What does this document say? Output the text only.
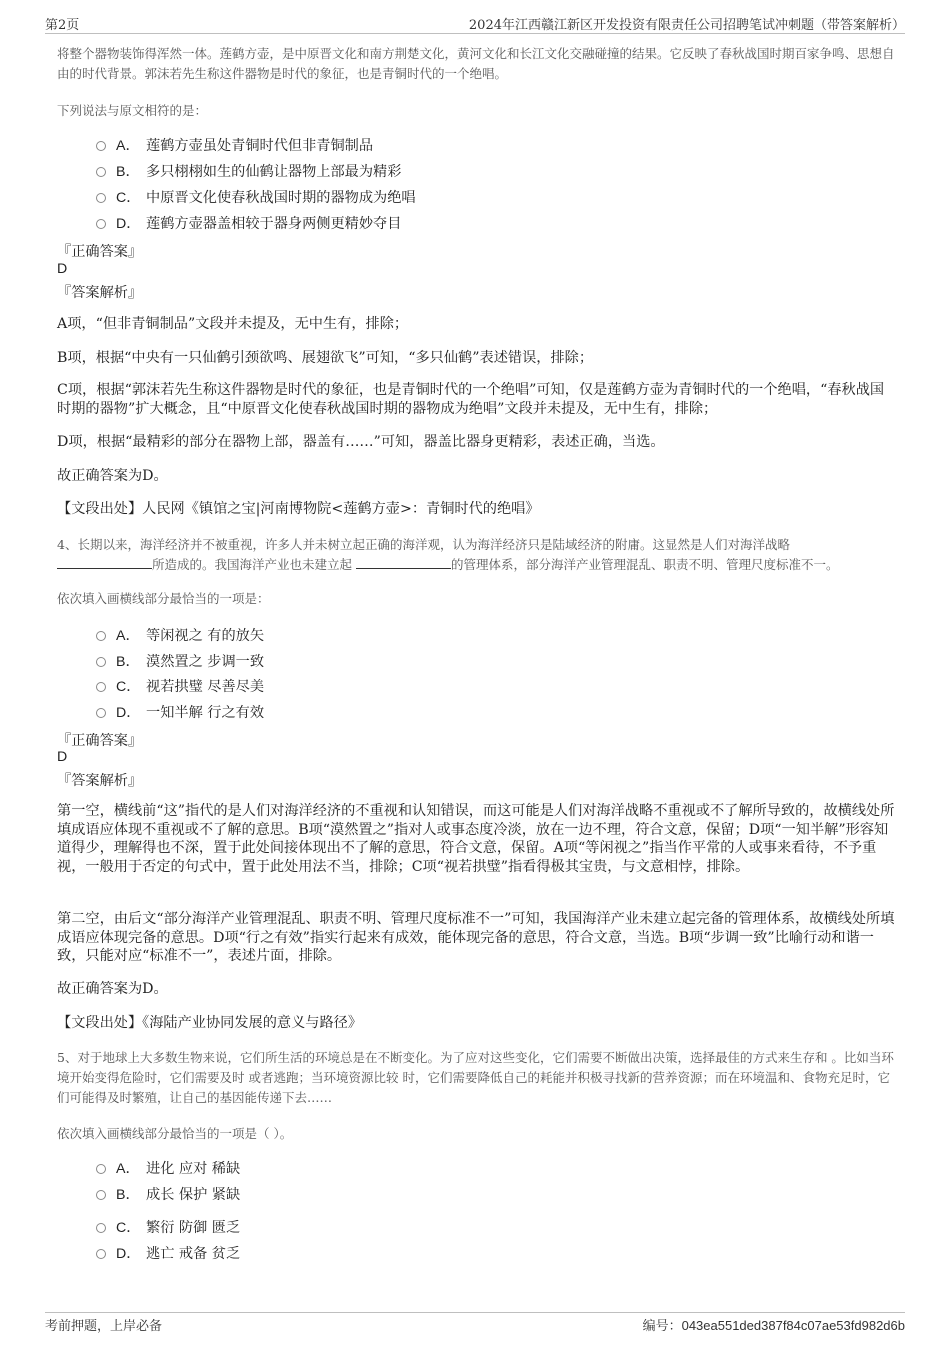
第2页	2024年江西赣江新区开发投资有限责任公司招聘笔试冲刺题（带答案解析）
将整个器物装饰得浑然一体。莲鹤方壶，是中原晋文化和南方荆楚文化，黄河文化和长江文化交融碰撞的结果。它反映了春秋战国时期百家争鸣、思想自由的时代背景。郭沫若先生称这件器物是时代的象征，也是青铜时代的一个绝唱。
下列说法与原文相符的是：
A． 莲鹤方壶虽处青铜时代但非青铜制品
B． 多只栩栩如生的仙鹤让器物上部最为精彩
C． 中原晋文化使春秋战国时期的器物成为绝唱
D． 莲鹤方壶器盖相较于器身两侧更精妙夺目
『正确答案』
D
『答案解析』
A项，“但非青铜制品”文段并未提及，无中生有，排除；
B项，根据“中央有一只仙鹤引颈欲鸣、展翅欲飞”可知，“多只仙鹤”表述错误，排除；
C项，根据“郭沫若先生称这件器物是时代的象征，也是青铜时代的一个绝唱”可知，仅是莲鹤方壶为青铜时代的一个绝唱，“春秋战国时期的器物”扩大概念，且“中原晋文化使春秋战国时期的器物成为绝唱”文段并未提及，无中生有，排除；
D项，根据“最精彩的部分在器物上部，器盖有……”可知，器盖比器身更精彩，表述正确，当选。
故正确答案为D。
【文段出处】人民网《镇馆之宝|河南博物院<莲鹤方壶>：青铜时代的绝唱》
4、长期以来，海洋经济并不被重视，许多人并未树立起正确的海洋观，认为海洋经济只是陆域经济的附庸。这显然是人们对海洋战略
所造成的。我国海洋产业也未建立起	的管理体系，部分海洋产业管理混乱、职责不明、管理尺度标准不一。
依次填入画横线部分最恰当的一项是：
A． 等闲视之 有的放矢
B． 漠然置之 步调一致
C． 视若拱璧 尽善尽美
D． 一知半解 行之有效
『正确答案』
D
『答案解析』
第一空，横线前“这”指代的是人们对海洋经济的不重视和认知错误，而这可能是人们对海洋战略不重视或不了解所导致的，故横线处所填成语应体现不重视或不了解的意思。B项“漠然置之”指对人或事态度冷淡，放在一边不理，符合文意，保留；D项“一知半解”形容知道得少，理解得也不深，置于此处间接体现出不了解的意思，符合文意，保留。A项“等闲视之”指当作平常的人或事来看待，不予重视，一般用于否定的句式中，置于此处用法不当，排除；C项“视若拱璧”指看得极其宝贵，与文意相悖，排除。
第二空，由后文“部分海洋产业管理混乱、职责不明、管理尺度标准不一”可知，我国海洋产业未建立起完备的管理体系，故横线处所填成语应体现完备的意思。D项“行之有效”指实行起来有成效，能体现完备的意思，符合文意，当选。B项“步调一致”比喻行动和谐一致，只能对应“标准不一”，表述片面，排除。
故正确答案为D。
【文段出处】《海陆产业协同发展的意义与路径》
5、对于地球上大多数生物来说，它们所生活的环境总是在不断变化。为了应对这些变化，它们需要不断做出决策，选择最佳的方式来生存和 。比如当环境开始变得危险时，它们需要及时 或者逃跑；当环境资源比较 时，它们需要降低自己的耗能并积极寻找新的营养资源；而在环境温和、食物充足时，它们可能得及时繁殖，让自己的基因能传递下去……
依次填入画横线部分最恰当的一项是（ ）。
A． 进化 应对 稀缺
B． 成长 保护 紧缺
C． 繁衍 防御 匮乏
D． 逃亡 戒备 贫乏
考前押题，上岸必备	编号：043ea551ded387f84c07ae53fd982d6b
